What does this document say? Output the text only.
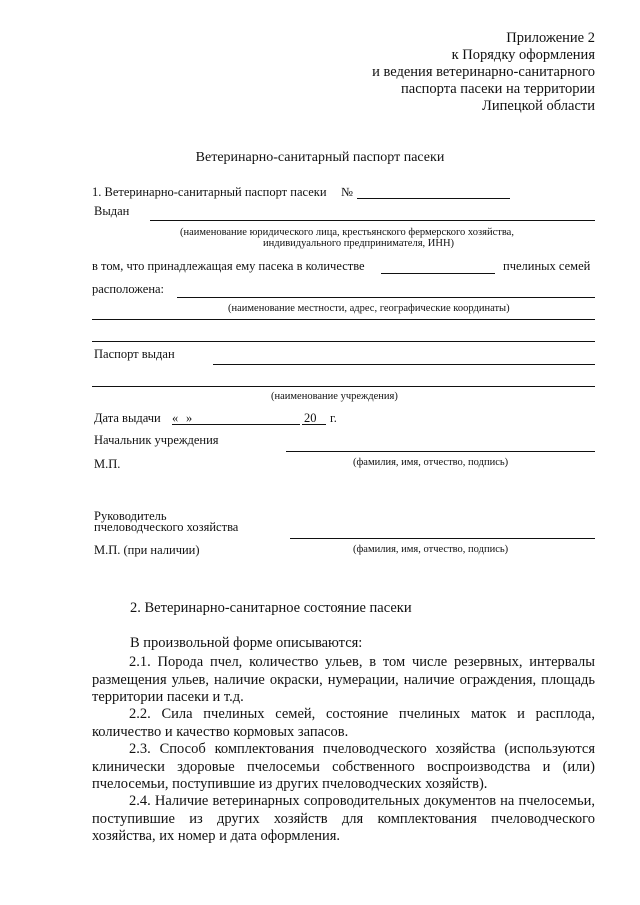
Приложение 2
к Порядку оформления
и ведения ветеринарно-санитарного
паспорта пасеки на территории
Липецкой области
Ветеринарно-санитарный паспорт пасеки
1. Ветеринарно-санитарный паспорт пасеки №
Выдан
(наименование юридического лица, крестьянского фермерского хозяйства,
индивидуального предпринимателя, ИНН)
в том, что принадлежащая ему пасека в количестве	пчелиных семей
расположена:
(наименование местности, адрес, географические координаты)
Паспорт выдан
(наименование учреждения)
Дата выдачи « »	20 г.
Начальник учреждения
М.П.	(фамилия, имя, отчество, подпись)
Руководитель
пчеловодческого хозяйства
М.П. (при наличии)	(фамилия, имя, отчество, подпись)
2. Ветеринарно-санитарное состояние пасеки
В произвольной форме описываются:
2.1. Порода пчел, количество ульев, в том числе резервных, интервалы размещения ульев, наличие окраски, нумерации, наличие ограждения, площадь территории пасеки и т.д.
2.2. Сила пчелиных семей, состояние пчелиных маток и расплода, количество и качество кормовых запасов.
2.3. Способ комплектования пчеловодческого хозяйства (используются клинически здоровые пчелосемьи собственного воспроизводства и (или) пчелосемьи, поступившие из других пчеловодческих хозяйств).
2.4. Наличие ветеринарных сопроводительных документов на пчелосемьи, поступившие из других хозяйств для комплектования пчеловодческого хозяйства, их номер и дата оформления.
